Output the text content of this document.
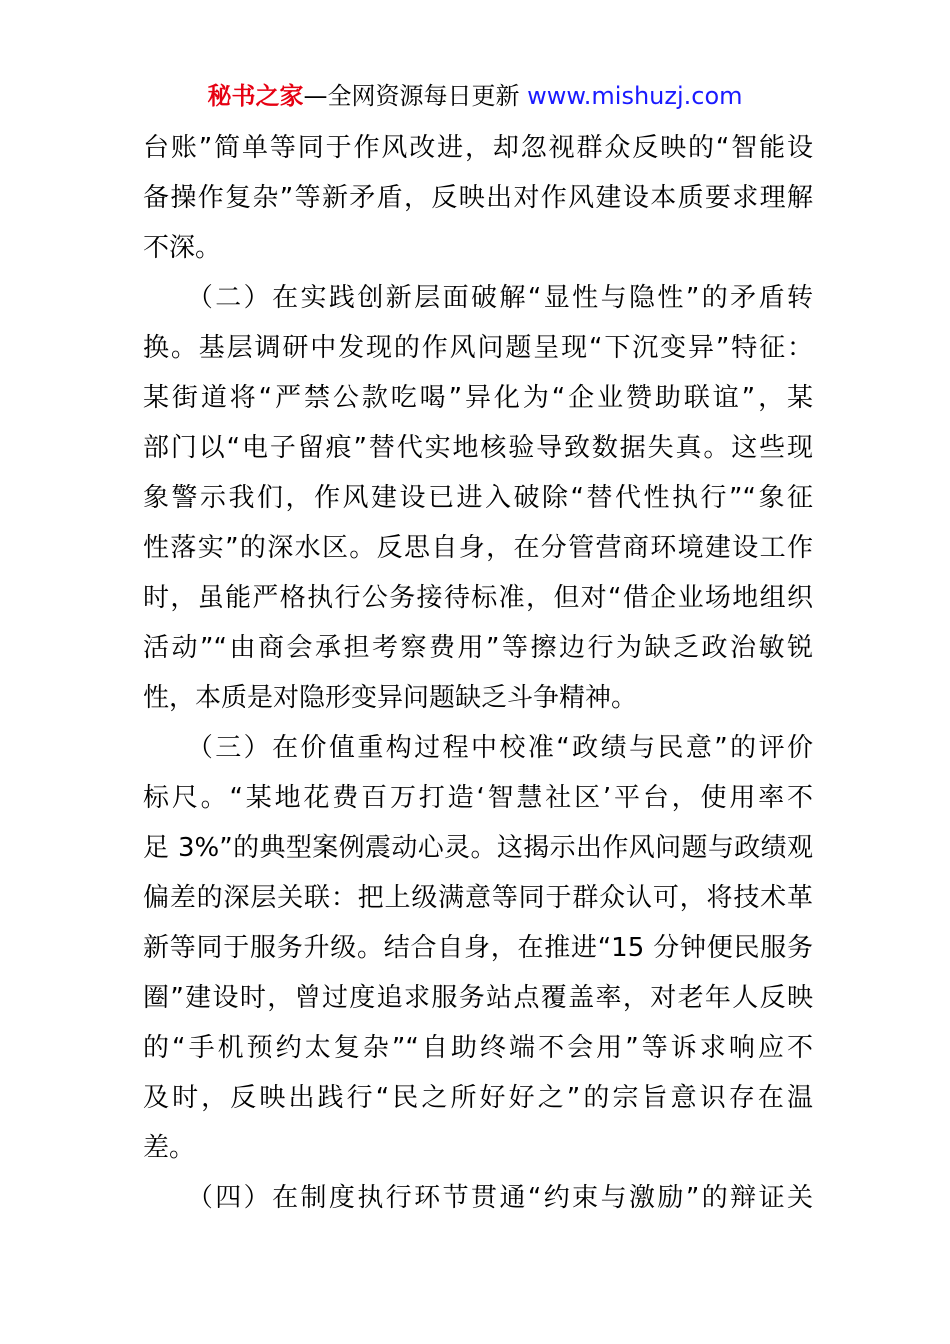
秘书之家—全网资源每日更新 www.mishuzj.com
台账”简单等同于作风改进，却忽视群众反映的“智能设
备操作复杂”等新矛盾，反映出对作风建设本质要求理解
不深。
　　（二）在实践创新层面破解“显性与隐性”的矛盾转
换。基层调研中发现的作风问题呈现“下沉变异”特征：
某街道将“严禁公款吃喝”异化为“企业赞助联谊”，某
部门以“电子留痕”替代实地核验导致数据失真。这些现
象警示我们，作风建设已进入破除“替代性执行”“象征
性落实”的深水区。反思自身，在分管营商环境建设工作
时，虽能严格执行公务接待标准，但对“借企业场地组织
活动”“由商会承担考察费用”等擦边行为缺乏政治敏锐
性，本质是对隐形变异问题缺乏斗争精神。
　　（三）在价值重构过程中校准“政绩与民意”的评价
标尺。“某地花费百万打造‘智慧社区’平台，使用率不
足 3%”的典型案例震动心灵。这揭示出作风问题与政绩观
偏差的深层关联：把上级满意等同于群众认可，将技术革
新等同于服务升级。结合自身，在推进“15 分钟便民服务
圈”建设时，曾过度追求服务站点覆盖率，对老年人反映
的“手机预约太复杂”“自助终端不会用”等诉求响应不
及时，反映出践行“民之所好好之”的宗旨意识存在温
差。
　　（四）在制度执行环节贯通“约束与激励”的辩证关
